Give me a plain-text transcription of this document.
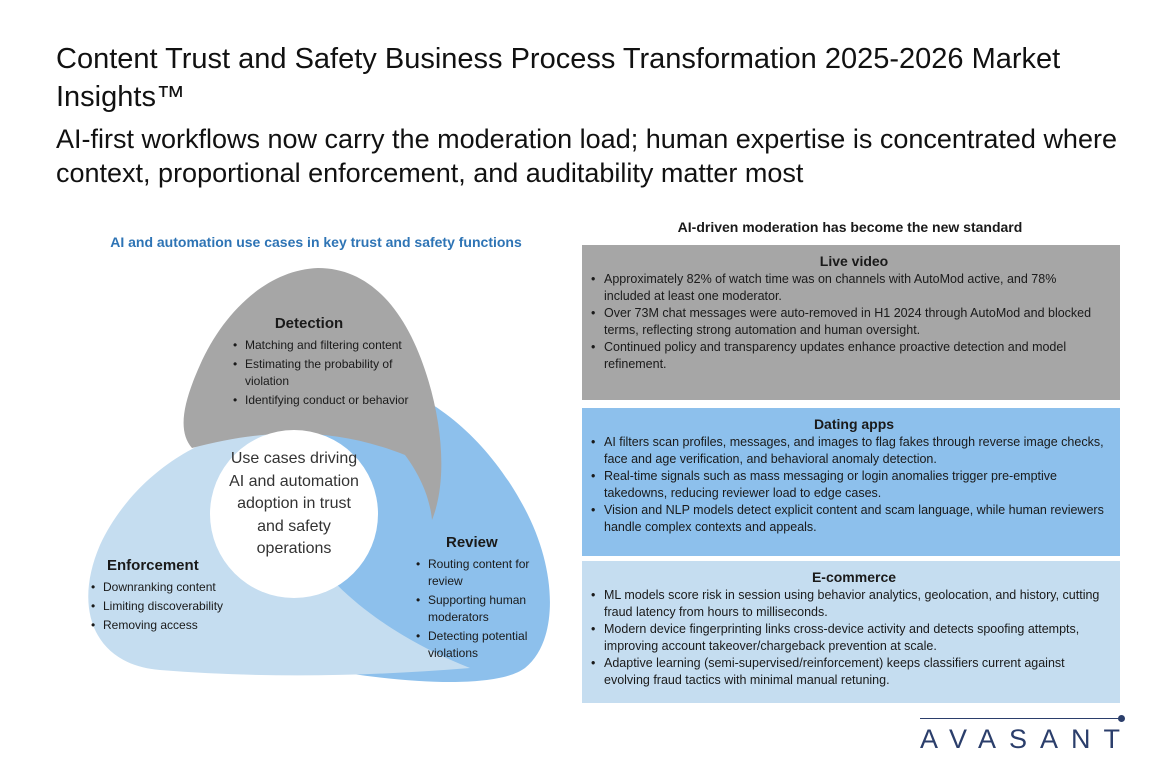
Content Trust and Safety Business Process Transformation 2025-2026 Market Insights™

AI-first workflows now carry the moderation load; human expertise is concentrated where context, proportional enforcement, and auditability matter most

AI and automation use cases in key trust and safety functions
Use cases driving AI and automation adoption in trust and safety operations
Detection
• Matching and filtering content
• Estimating the probability of violation
• Identifying conduct or behavior
Review
• Routing content for review
• Supporting human moderators
• Detecting potential violations
Enforcement
• Downranking content
• Limiting discoverability
• Removing access
AI-driven moderation has become the new standard
Live video
• Approximately 82% of watch time was on channels with AutoMod active, and 78% included at least one moderator.
• Over 73M chat messages were auto-removed in H1 2024 through AutoMod and blocked terms, reflecting strong automation and human oversight.
• Continued policy and transparency updates enhance proactive detection and model refinement.
Dating apps
• AI filters scan profiles, messages, and images to flag fakes through reverse image checks, face and age verification, and behavioral anomaly detection.
• Real-time signals such as mass messaging or login anomalies trigger pre-emptive takedowns, reducing reviewer load to edge cases.
• Vision and NLP models detect explicit content and scam language, while human reviewers handle complex contexts and appeals.
E-commerce
• ML models score risk in session using behavior analytics, geolocation, and history, cutting fraud latency from hours to milliseconds.
• Modern device fingerprinting links cross-device activity and detects spoofing attempts, improving account takeover/chargeback prevention at scale.
• Adaptive learning (semi-supervised/reinforcement) keeps classifiers current against evolving fraud tactics with minimal manual retuning.
AVASANT
